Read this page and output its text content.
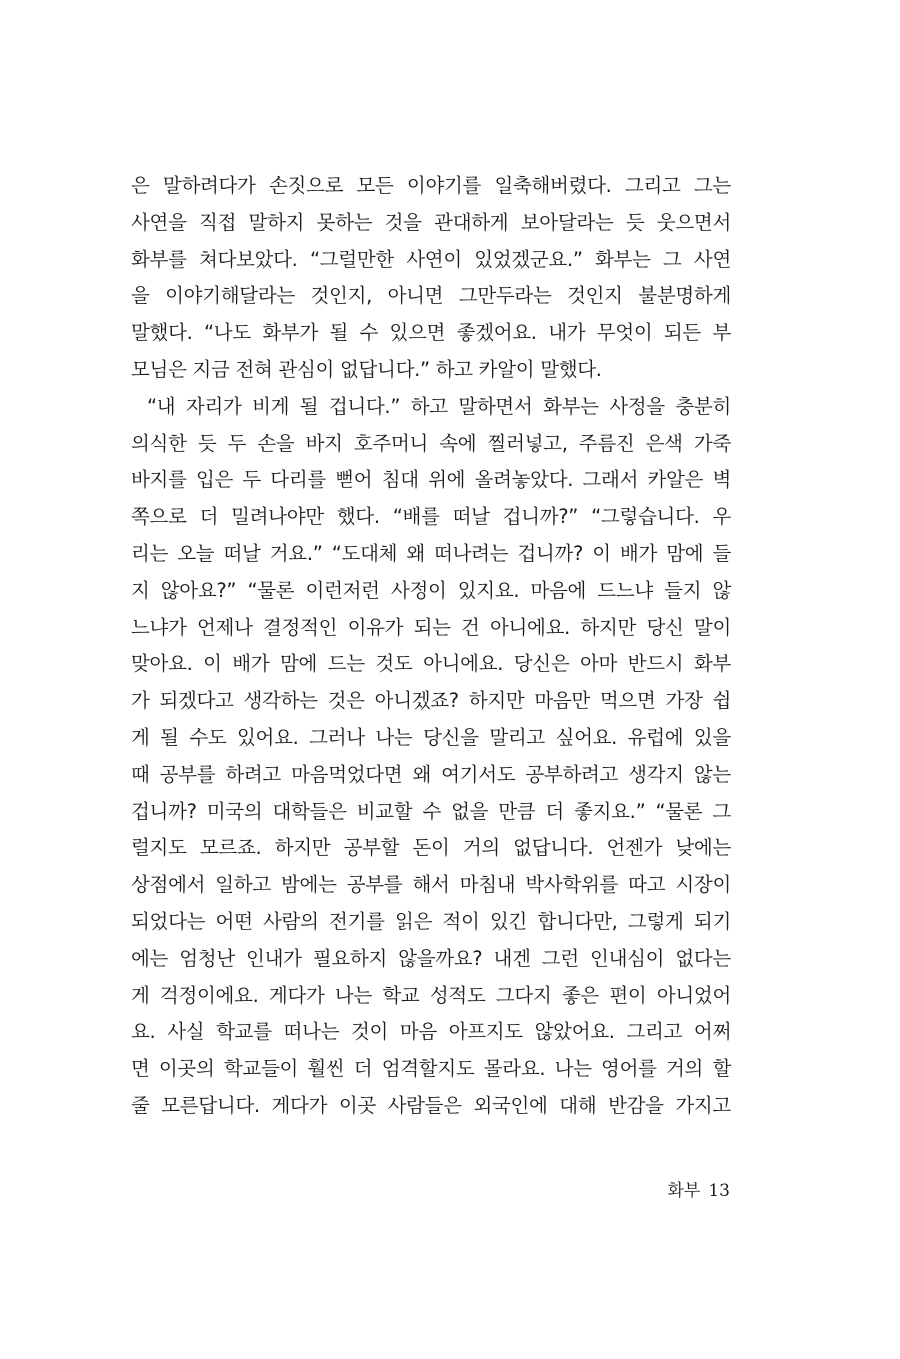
은 말하려다가 손짓으로 모든 이야기를 일축해버렸다. 그리고 그는
사연을 직접 말하지 못하는 것을 관대하게 보아달라는 듯 웃으면서
화부를 쳐다보았다. “그럴만한 사연이 있었겠군요.” 화부는 그 사연
을 이야기해달라는 것인지, 아니면 그만두라는 것인지 불분명하게
말했다. “나도 화부가 될 수 있으면 좋겠어요. 내가 무엇이 되든 부
모님은 지금 전혀 관심이 없답니다.” 하고 카알이 말했다.
“내 자리가 비게 될 겁니다.” 하고 말하면서 화부는 사정을 충분히
의식한 듯 두 손을 바지 호주머니 속에 찔러넣고, 주름진 은색 가죽
바지를 입은 두 다리를 뻗어 침대 위에 올려놓았다. 그래서 카알은 벽
쪽으로 더 밀려나야만 했다. “배를 떠날 겁니까?” “그렇습니다. 우
리는 오늘 떠날 거요.” “도대체 왜 떠나려는 겁니까? 이 배가 맘에 들
지 않아요?” “물론 이런저런 사정이 있지요. 마음에 드느냐 들지 않
느냐가 언제나 결정적인 이유가 되는 건 아니에요. 하지만 당신 말이
맞아요. 이 배가 맘에 드는 것도 아니에요. 당신은 아마 반드시 화부
가 되겠다고 생각하는 것은 아니겠죠? 하지만 마음만 먹으면 가장 쉽
게 될 수도 있어요. 그러나 나는 당신을 말리고 싶어요. 유럽에 있을
때 공부를 하려고 마음먹었다면 왜 여기서도 공부하려고 생각지 않는
겁니까? 미국의 대학들은 비교할 수 없을 만큼 더 좋지요.” “물론 그
럴지도 모르죠. 하지만 공부할 돈이 거의 없답니다. 언젠가 낮에는
상점에서 일하고 밤에는 공부를 해서 마침내 박사학위를 따고 시장이
되었다는 어떤 사람의 전기를 읽은 적이 있긴 합니다만, 그렇게 되기
에는 엄청난 인내가 필요하지 않을까요? 내겐 그런 인내심이 없다는
게 걱정이에요. 게다가 나는 학교 성적도 그다지 좋은 편이 아니었어
요. 사실 학교를 떠나는 것이 마음 아프지도 않았어요. 그리고 어쩌
면 이곳의 학교들이 훨씬 더 엄격할지도 몰라요. 나는 영어를 거의 할
줄 모른답니다. 게다가 이곳 사람들은 외국인에 대해 반감을 가지고
화부 13
